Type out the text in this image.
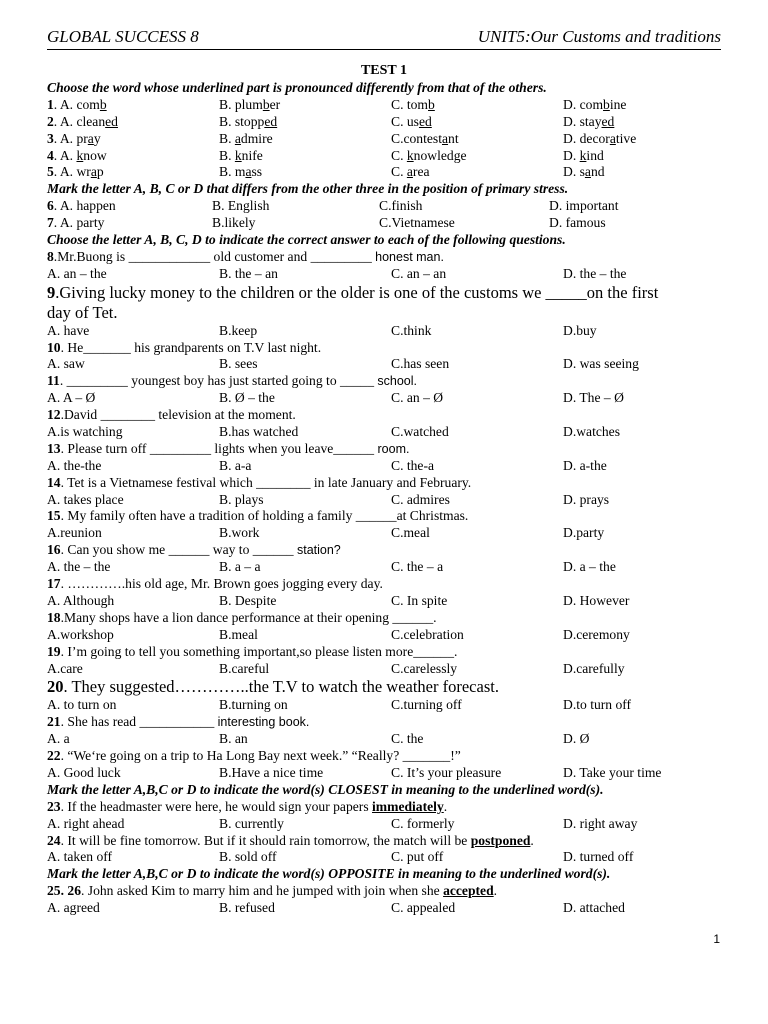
GLOBAL SUCCESS 8	UNIT5:Our Customs and traditions
TEST 1
Choose the word whose underlined part is pronounced differently from that of the others.
1. A. comb	B. plumber	C. tomb	D. combine
2. A. cleaned	B. stopped	C. used	D. stayed
3. A. pray	B. admire	C.contestant	D. decorative
4. A. know	B. knife	C. knowledge	D. kind
5. A. wrap	B. mass	C. area	D. sand
Mark the letter A, B, C or D that differs from the other three in the position of primary stress.
6. A. happen	B. English	C.finish	D. important
7. A. party	B.likely	C.Vietnamese	D. famous
Choose the letter A, B, C, D to indicate the correct answer to each of the following questions.
8.Mr.Buong is ____________ old customer and _________ honest man.
A. an – the	B. the – an	C. an – an	D. the – the
9.Giving lucky money to the children or the older is one of the customs we _____on the first
day of Tet.
A. have	B.keep	C.think	D.buy
10. He_______ his grandparents on T.V last night.
A. saw	B. sees	C.has seen	D. was seeing
11. _________ youngest boy has just started going to _____ school.
A. A – Ø	B. Ø – the	C. an – Ø	D. The – Ø
12.David ________ television at the moment.
A.is watching	B.has watched	C.watched	D.watches
13. Please turn off _________ lights when you leave______ room.
A. the-the	B. a-a	C. the-a	D. a-the
14. Tet is a Vietnamese festival which ________ in late January and February.
A. takes place	B. plays	C. admires	D. prays
15. My family often have a tradition of holding a family ______at Christmas.
A.reunion	B.work	C.meal	D.party
16. Can you show me ______ way to ______ station?
A. the – the	B. a – a	C. the – a	D. a – the
17. ………….his old age, Mr. Brown goes jogging every day.
A. Although	B. Despite	C. In spite	D. However
18.Many shops have a lion dance performance at their opening ______.
A.workshop	B.meal	C.celebration	D.ceremony
19. I’m going to tell you something important,so please listen more______.
A.care	B.careful	C.carelessly	D.carefully
20. They suggested…………..the T.V to watch the weather forecast.
A. to turn on	B.turning on	C.turning off	D.to turn off
21. She has read ___________ interesting book.
A. a	B. an	C. the	D. Ø
22. “We‘re going on a trip to Ha Long Bay next week.” “Really? _______!”
A. Good luck	B.Have a nice time	C. It’s your pleasure	D. Take your time
Mark the letter A,B,C or D to indicate the word(s) CLOSEST in meaning to the underlined word(s).
23. If the headmaster were here, he would sign your papers immediately.
A. right ahead	B. currently	C. formerly	D. right away
24. It will be fine tomorrow. But if it should rain tomorrow, the match will be postponed.
A. taken off	B. sold off	C. put off	D. turned off
Mark the letter A,B,C or D to indicate the word(s) OPPOSITE in meaning to the underlined word(s).
25. 26. John asked Kim to marry him and he jumped with join when she accepted.
A. agreed	B. refused	C. appealed	D. attached
1
